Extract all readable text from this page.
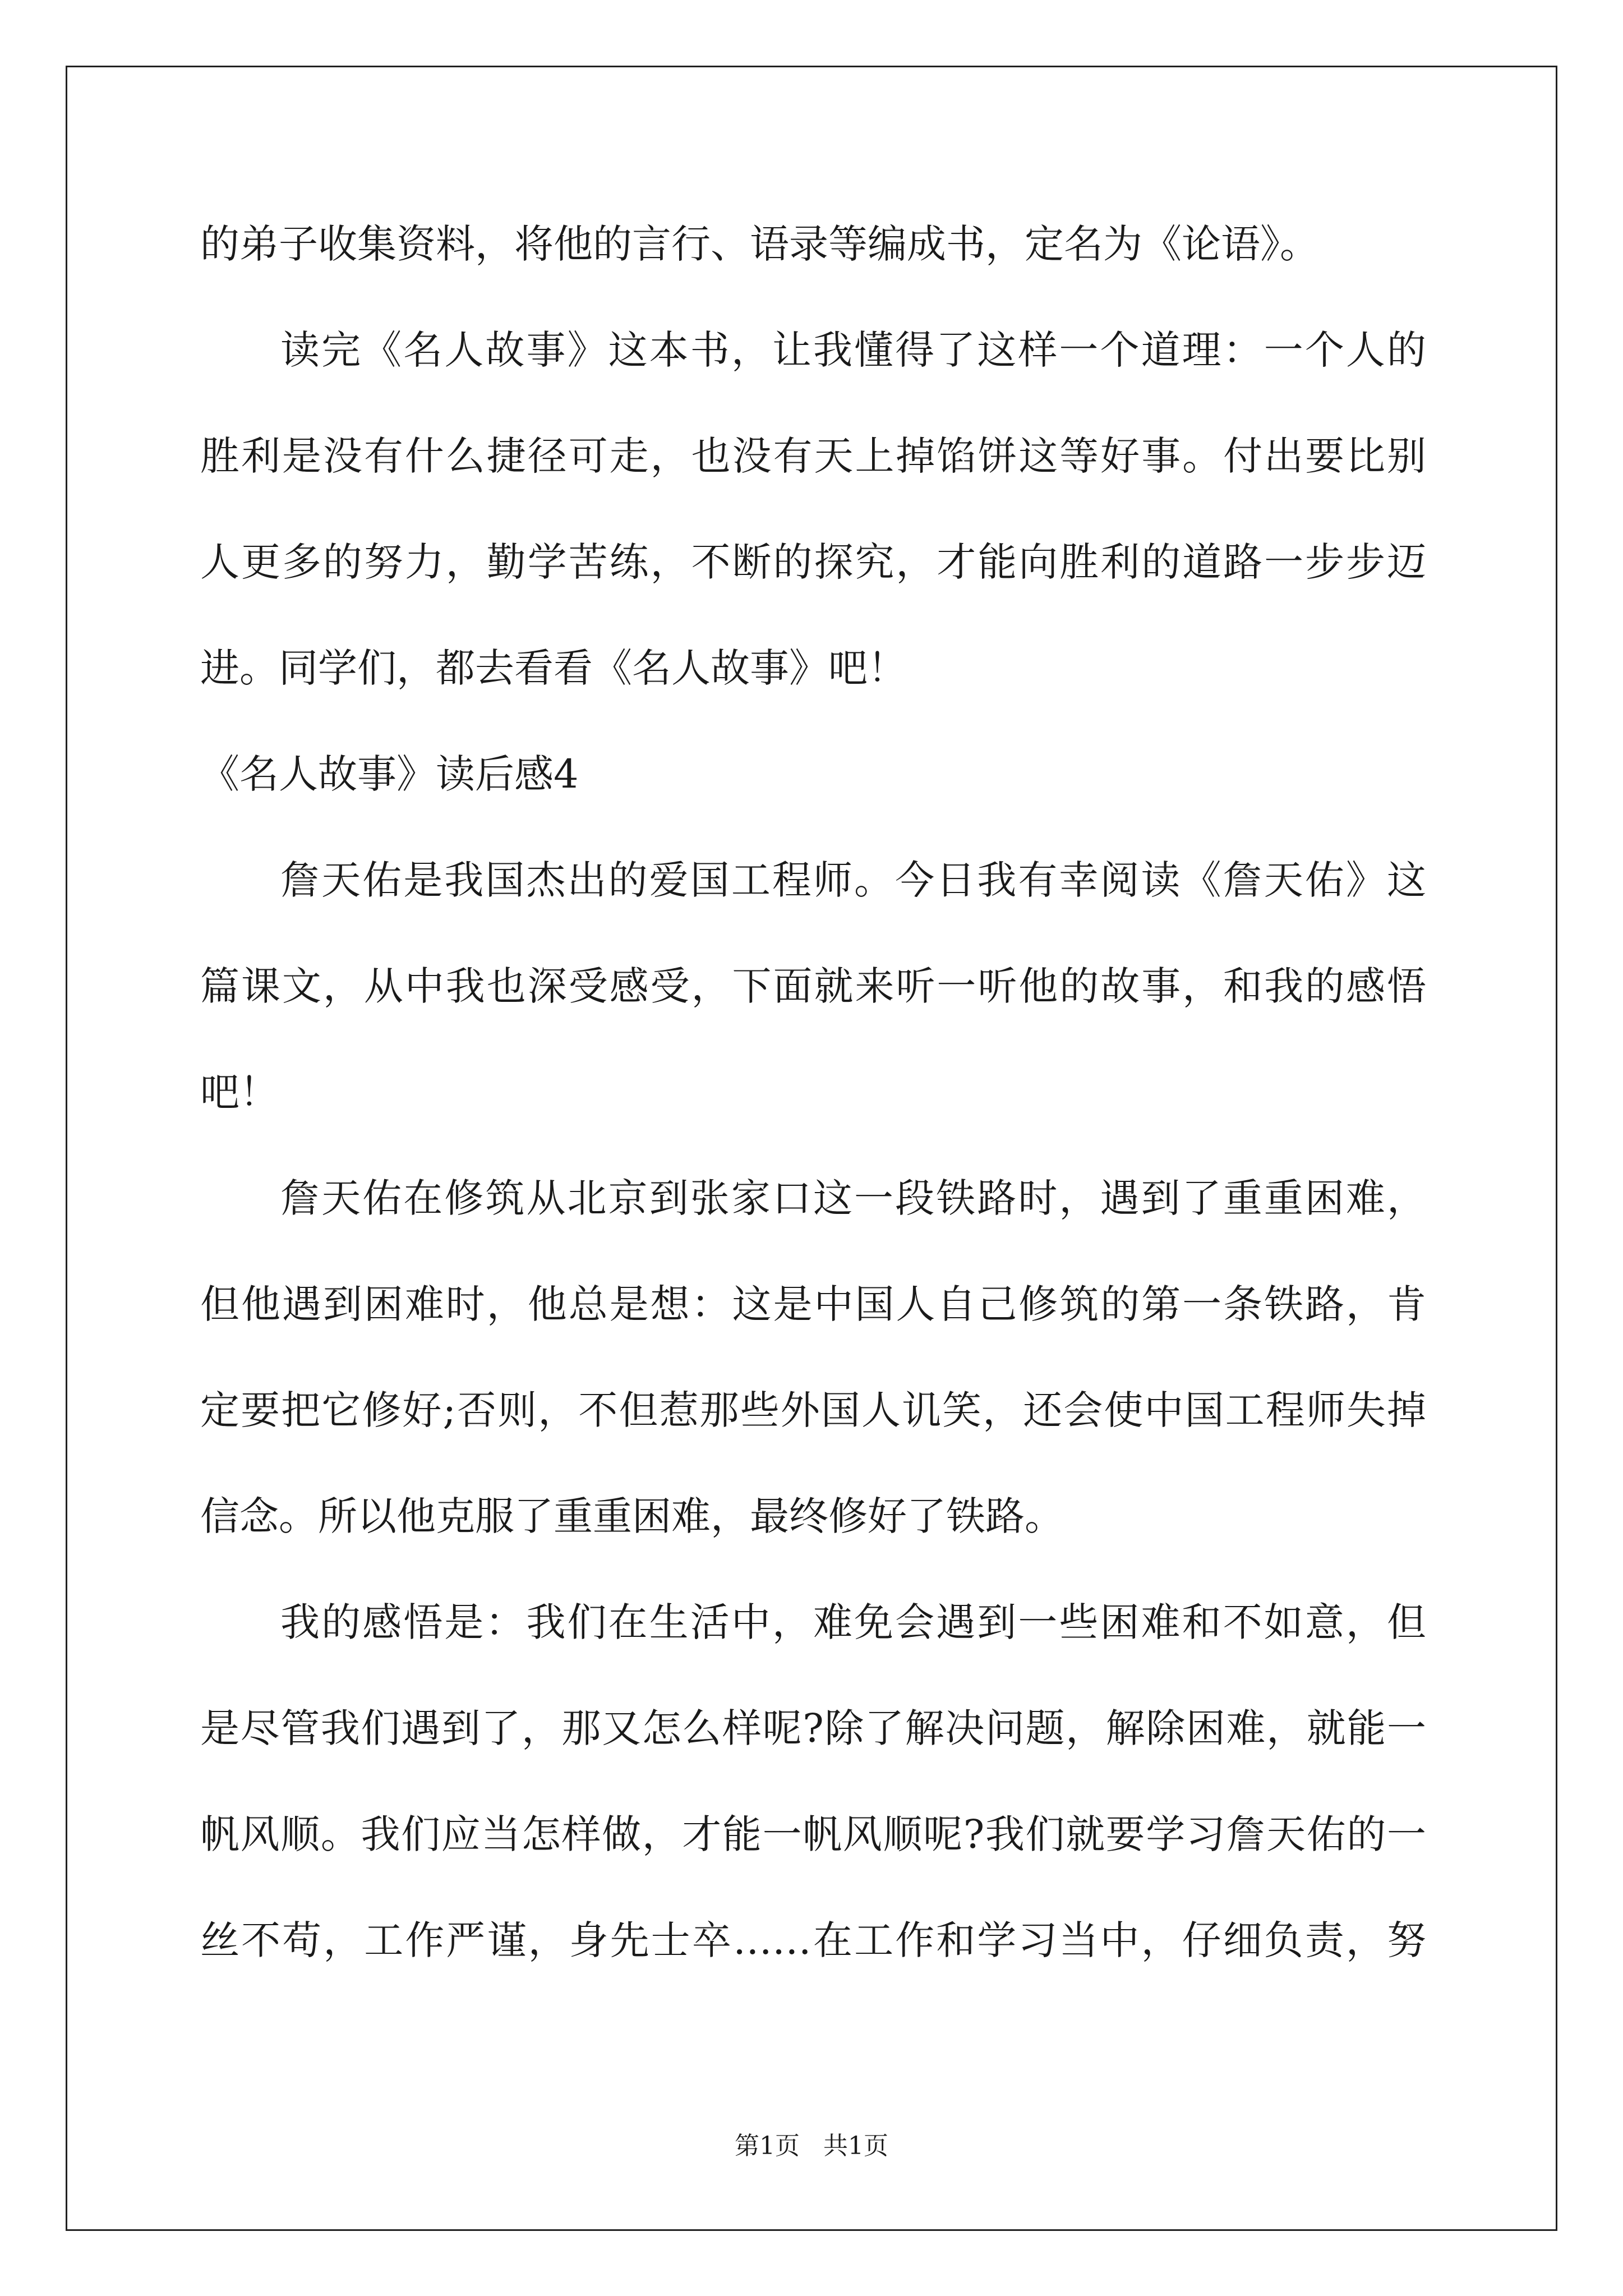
的弟子收集资料，将他的言行、语录等编成书，定名为《论语》。
读完《名人故事》这本书，让我懂得了这样一个道理：一个人的
胜利是没有什么捷径可走，也没有天上掉馅饼这等好事。付出要比别
人更多的努力，勤学苦练，不断的探究，才能向胜利的道路一步步迈
进。同学们，都去看看《名人故事》吧！
《名人故事》读后感4
詹天佑是我国杰出的爱国工程师。今日我有幸阅读《詹天佑》这
篇课文，从中我也深受感受，下面就来听一听他的故事，和我的感悟
吧！
詹天佑在修筑从北京到张家口这一段铁路时，遇到了重重困难，
但他遇到困难时，他总是想：这是中国人自己修筑的第一条铁路，肯
定要把它修好;否则，不但惹那些外国人讥笑，还会使中国工程师失掉
信念。所以他克服了重重困难，最终修好了铁路。
我的感悟是：我们在生活中，难免会遇到一些困难和不如意，但
是尽管我们遇到了，那又怎么样呢?除了解决问题，解除困难，就能一
帆风顺。我们应当怎样做，才能一帆风顺呢?我们就要学习詹天佑的一
丝不苟，工作严谨，身先士卒……在工作和学习当中，仔细负责，努
第1页   共1页
